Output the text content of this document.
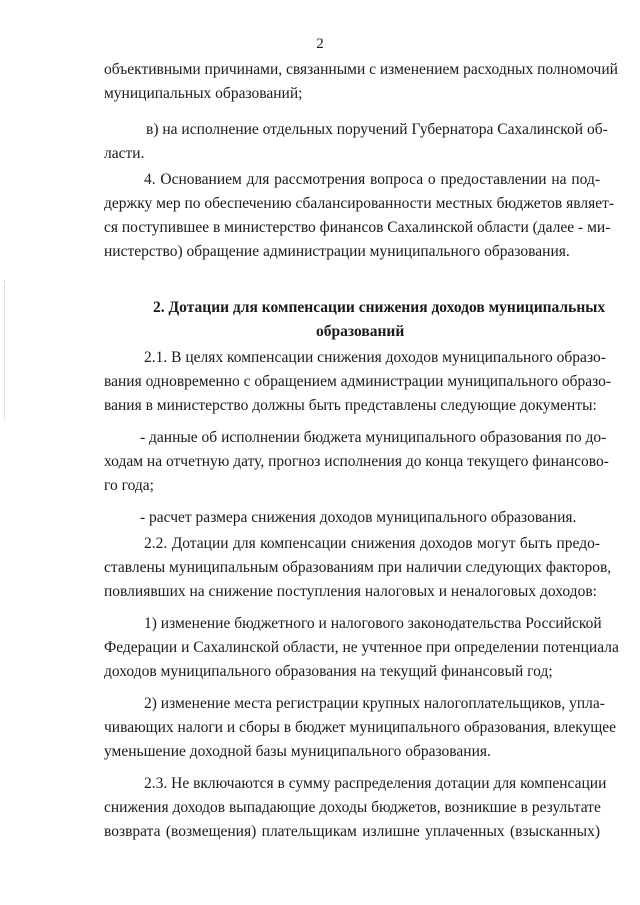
2
объективными причинами, связанными с изменением расходных полномочий
муниципальных образований;
в) на исполнение отдельных поручений Губернатора Сахалинской об-
ласти.
4. Основанием для рассмотрения вопроса о предоставлении на под-
держку мер по обеспечению сбалансированности местных бюджетов являет-
ся поступившее в министерство финансов Сахалинской области (далее - ми-
нистерство) обращение администрации муниципального образования.
2. Дотации для компенсации снижения доходов муниципальных
образований
2.1. В целях компенсации снижения доходов муниципального образо-
вания одновременно с обращением администрации муниципального образо-
вания в министерство должны быть представлены следующие документы:
- данные об исполнении бюджета муниципального образования по до-
ходам на отчетную дату, прогноз исполнения до конца текущего финансово-
го года;
- расчет размера снижения доходов муниципального образования.
2.2. Дотации для компенсации снижения доходов могут быть предо-
ставлены муниципальным образованиям при наличии следующих факторов,
повлиявших на снижение поступления налоговых и неналоговых доходов:
1) изменение бюджетного и налогового законодательства Российской
Федерации и Сахалинской области, не учтенное при определении потенциала
доходов муниципального образования на текущий финансовый год;
2) изменение места регистрации крупных налогоплательщиков, упла-
чивающих налоги и сборы в бюджет муниципального образования, влекущее
уменьшение доходной базы муниципального образования.
2.3. Не включаются в сумму распределения дотации для компенсации
снижения доходов выпадающие доходы бюджетов, возникшие в результате
возврата (возмещения) плательщикам излишне уплаченных (взысканных)
